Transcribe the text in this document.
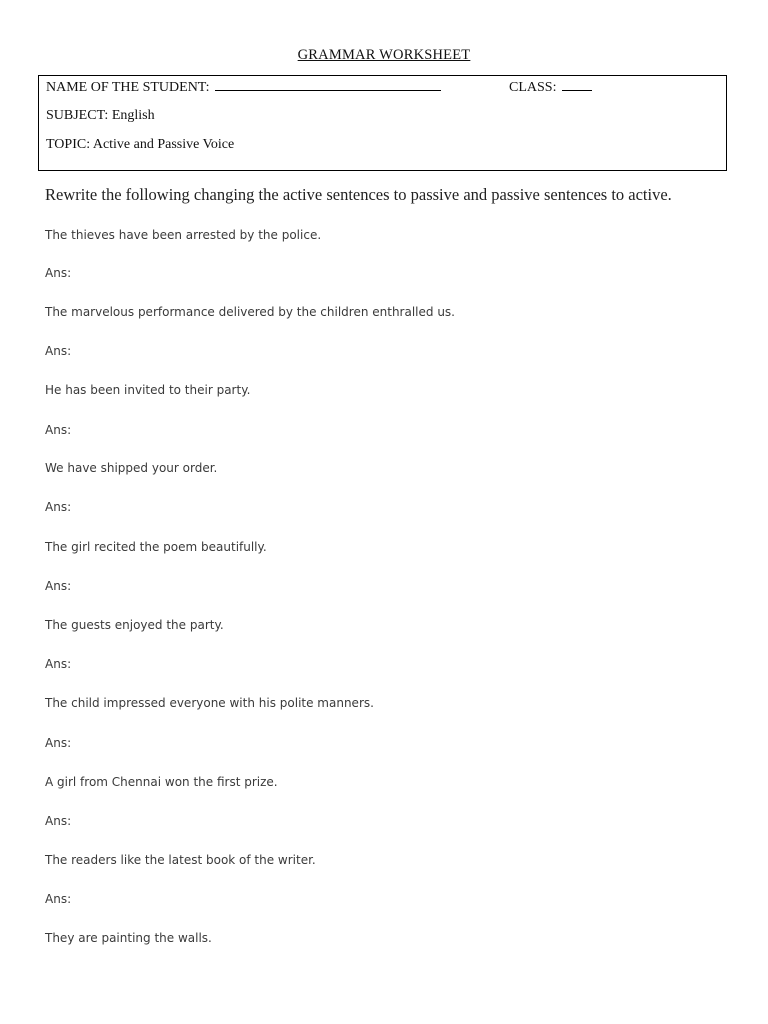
GRAMMAR WORKSHEET
NAME OF THE STUDENT:	CLASS:
SUBJECT: English
TOPIC: Active and Passive Voice
Rewrite the following changing the active sentences to passive and passive sentences to active.
The thieves have been arrested by the police.
Ans:
The marvelous performance delivered by the children enthralled us.
Ans:
He has been invited to their party.
Ans:
We have shipped your order.
Ans:
The girl recited the poem beautifully.
Ans:
The guests enjoyed the party.
Ans:
The child impressed everyone with his polite manners.
Ans:
A girl from Chennai won the first prize.
Ans:
The readers like the latest book of the writer.
Ans:
They are painting the walls.
